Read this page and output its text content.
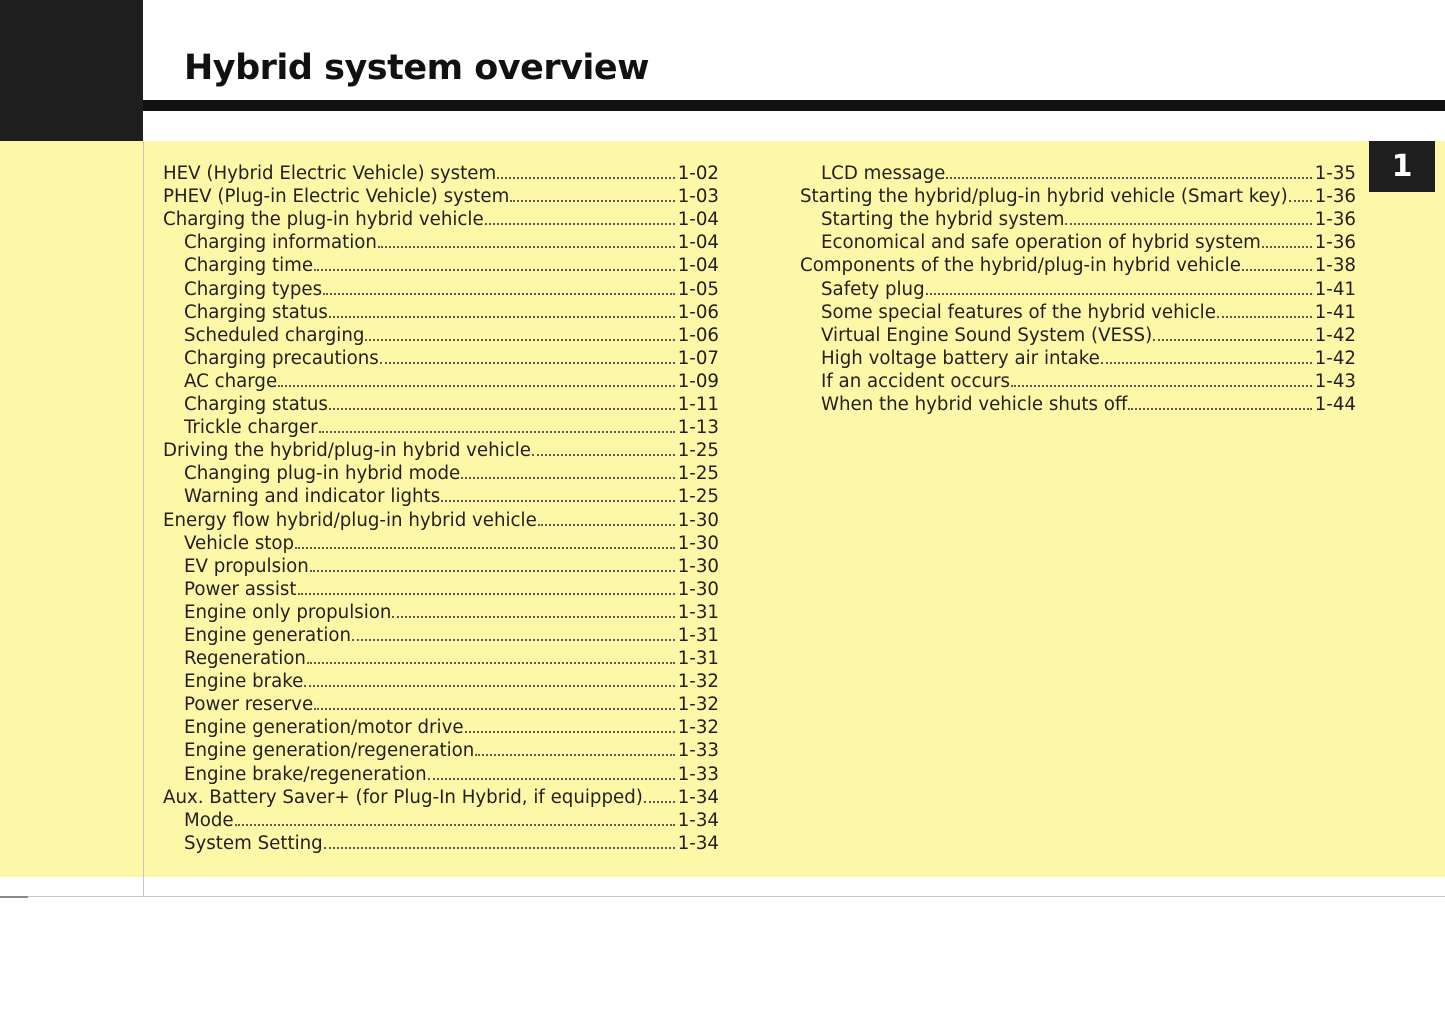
Hybrid system overview
1
HEV (Hybrid Electric Vehicle) system	1-02
PHEV (Plug-in Electric Vehicle) system	1-03
Charging the plug-in hybrid vehicle	1-04
Charging information	1-04
Charging time	1-04
Charging types	1-05
Charging status	1-06
Scheduled charging	1-06
Charging precautions	1-07
AC charge	1-09
Charging status	1-11
Trickle charger	1-13
Driving the hybrid/plug-in hybrid vehicle	1-25
Changing plug-in hybrid mode	1-25
Warning and indicator lights	1-25
Energy flow hybrid/plug-in hybrid vehicle	1-30
Vehicle stop	1-30
EV propulsion	1-30
Power assist	1-30
Engine only propulsion	1-31
Engine generation	1-31
Regeneration	1-31
Engine brake	1-32
Power reserve	1-32
Engine generation/motor drive	1-32
Engine generation/regeneration	1-33
Engine brake/regeneration	1-33
Aux. Battery Saver+ (for Plug-In Hybrid, if equipped) 1-34
Mode	1-34
System Setting	1-34
LCD message	1-35
Starting the hybrid/plug-in hybrid vehicle (Smart key) 1-36
Starting the hybrid system	1-36
Economical and safe operation of hybrid system	1-36
Components of the hybrid/plug-in hybrid vehicle	1-38
Safety plug	1-41
Some special features of the hybrid vehicle	1-41
Virtual Engine Sound System (VESS)	1-42
High voltage battery air intake	1-42
If an accident occurs	1-43
When the hybrid vehicle shuts off	1-44
